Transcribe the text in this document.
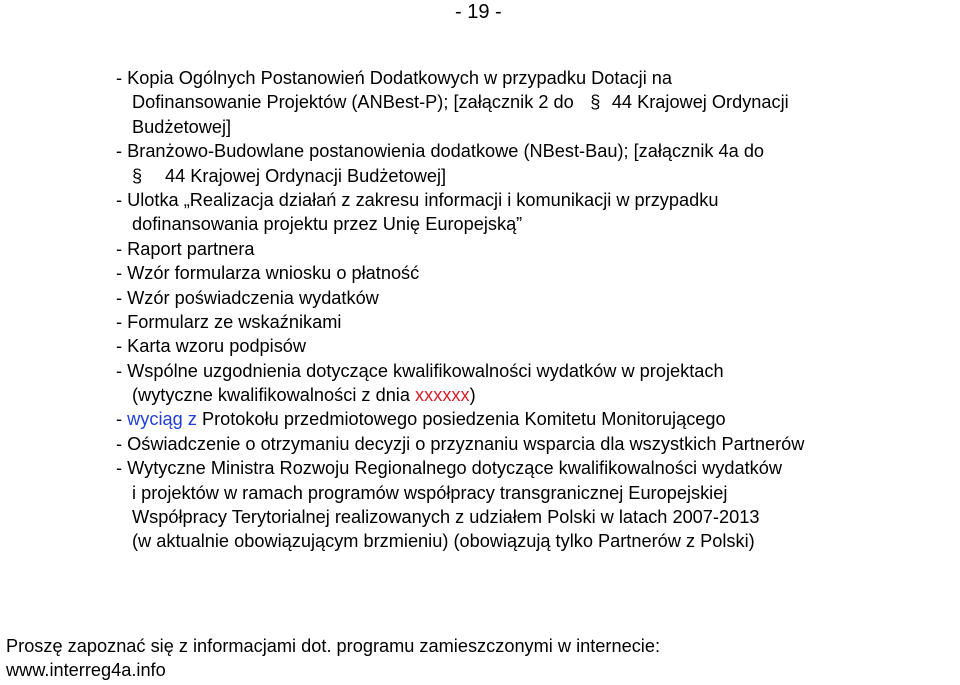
- 19 -
- Kopia Ogólnych Postanowień Dodatkowych w przypadku Dotacji na
Dofinansowanie Projektów (ANBest-P); [załącznik 2 do § 44 Krajowej Ordynacji
Budżetowej]
- Branżowo-Budowlane postanowienia dodatkowe (NBest-Bau); [załącznik 4a do
§ 44 Krajowej Ordynacji Budżetowej]
- Ulotka „Realizacja działań z zakresu informacji i komunikacji w przypadku
dofinansowania projektu przez Unię Europejską”
- Raport partnera
- Wzór formularza wniosku o płatność
- Wzór poświadczenia wydatków
- Formularz ze wskaźnikami
- Karta wzoru podpisów
- Wspólne uzgodnienia dotyczące kwalifikowalności wydatków w projektach
(wytyczne kwalifikowalności z dnia xxxxxx)
- wyciąg z Protokołu przedmiotowego posiedzenia Komitetu Monitorującego
- Oświadczenie o otrzymaniu decyzji o przyznaniu wsparcia dla wszystkich Partnerów
- Wytyczne Ministra Rozwoju Regionalnego dotyczące kwalifikowalności wydatków
i projektów w ramach programów współpracy transgranicznej Europejskiej
Współpracy Terytorialnej realizowanych z udziałem Polski w latach 2007-2013
(w aktualnie obowiązującym brzmieniu) (obowiązują tylko Partnerów z Polski)
Proszę zapoznać się z informacjami dot. programu zamieszczonymi w internecie:
www.interreg4a.info
